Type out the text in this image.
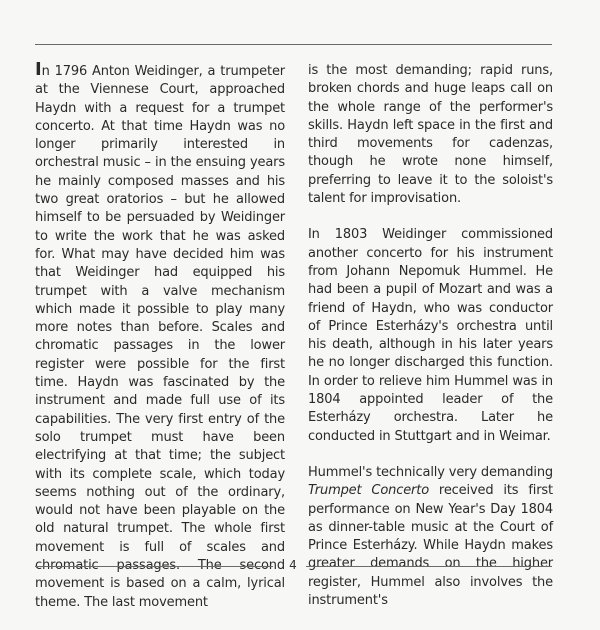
In 1796 Anton Weidinger, a trumpeter at the Viennese Court, approached Haydn with a request for a trumpet concerto. At that time Haydn was no longer primarily interested in orchestral music – in the ensuing years he mainly composed masses and his two great oratorios – but he allowed himself to be persuaded by Weidinger to write the work that he was asked for. What may have decided him was that Weidinger had equipped his trumpet with a valve mechanism which made it possible to play many more notes than before. Scales and chromatic passages in the lower register were possible for the first time. Haydn was fascinated by the instrument and made full use of its capabilities. The very first entry of the solo trumpet must have been electrifying at that time; the subject with its complete scale, which today seems nothing out of the ordinary, would not have been playable on the old natural trumpet. The whole first movement is full of scales and chromatic passages. The second movement is based on a calm, lyrical theme. The last movement

is the most demanding; rapid runs, broken chords and huge leaps call on the whole range of the performer's skills. Haydn left space in the first and third movements for cadenzas, though he wrote none himself, preferring to leave it to the soloist's talent for improvisation.

In 1803 Weidinger commissioned another concerto for his instrument from Johann Nepomuk Hummel. He had been a pupil of Mozart and was a friend of Haydn, who was conductor of Prince Esterházy's orchestra until his death, although in his later years he no longer discharged this function. In order to relieve him Hummel was in 1804 appointed leader of the Esterházy orchestra. Later he conducted in Stuttgart and in Weimar.

Hummel's technically very demanding Trumpet Concerto received its first performance on New Year's Day 1804 as dinner-table music at the Court of Prince Esterházy. While Haydn makes greater demands on the higher register, Hummel also involves the instrument's

4
